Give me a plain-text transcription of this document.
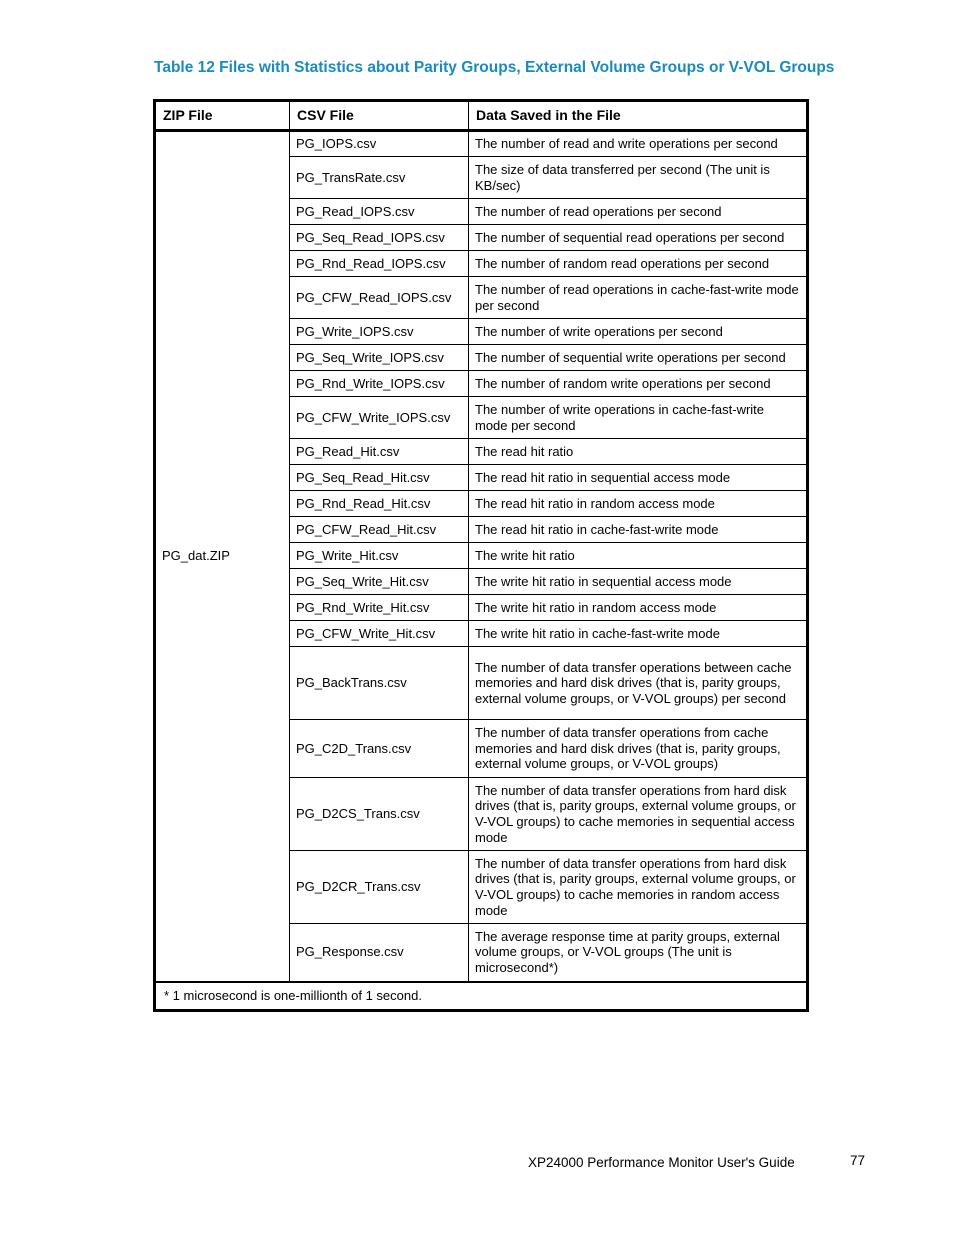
Table 12 Files with Statistics about Parity Groups, External Volume Groups or V-VOL Groups
ZIP File	CSV File	Data Saved in the File
PG_dat.ZIP	PG_IOPS.csv	The number of read and write operations per second
	PG_TransRate.csv	The size of data transferred per second (The unit is KB/sec)
	PG_Read_IOPS.csv	The number of read operations per second
	PG_Seq_Read_IOPS.csv	The number of sequential read operations per second
	PG_Rnd_Read_IOPS.csv	The number of random read operations per second
	PG_CFW_Read_IOPS.csv	The number of read operations in cache-fast-write mode per second
	PG_Write_IOPS.csv	The number of write operations per second
	PG_Seq_Write_IOPS.csv	The number of sequential write operations per second
	PG_Rnd_Write_IOPS.csv	The number of random write operations per second
	PG_CFW_Write_IOPS.csv	The number of write operations in cache-fast-write mode per second
	PG_Read_Hit.csv	The read hit ratio
	PG_Seq_Read_Hit.csv	The read hit ratio in sequential access mode
	PG_Rnd_Read_Hit.csv	The read hit ratio in random access mode
	PG_CFW_Read_Hit.csv	The read hit ratio in cache-fast-write mode
	PG_Write_Hit.csv	The write hit ratio
	PG_Seq_Write_Hit.csv	The write hit ratio in sequential access mode
	PG_Rnd_Write_Hit.csv	The write hit ratio in random access mode
	PG_CFW_Write_Hit.csv	The write hit ratio in cache-fast-write mode
	PG_BackTrans.csv	The number of data transfer operations between cache memories and hard disk drives (that is, parity groups, external volume groups, or V-VOL groups) per second
	PG_C2D_Trans.csv	The number of data transfer operations from cache memories and hard disk drives (that is, parity groups, external volume groups, or V-VOL groups)
	PG_D2CS_Trans.csv	The number of data transfer operations from hard disk drives (that is, parity groups, external volume groups, or V-VOL groups) to cache memories in sequential access mode
	PG_D2CR_Trans.csv	The number of data transfer operations from hard disk drives (that is, parity groups, external volume groups, or V-VOL groups) to cache memories in random access mode
	PG_Response.csv	The average response time at parity groups, external volume groups, or V-VOL groups (The unit is microsecond*)
* 1 microsecond is one-millionth of 1 second.		
XP24000 Performance Monitor User's Guide	77
